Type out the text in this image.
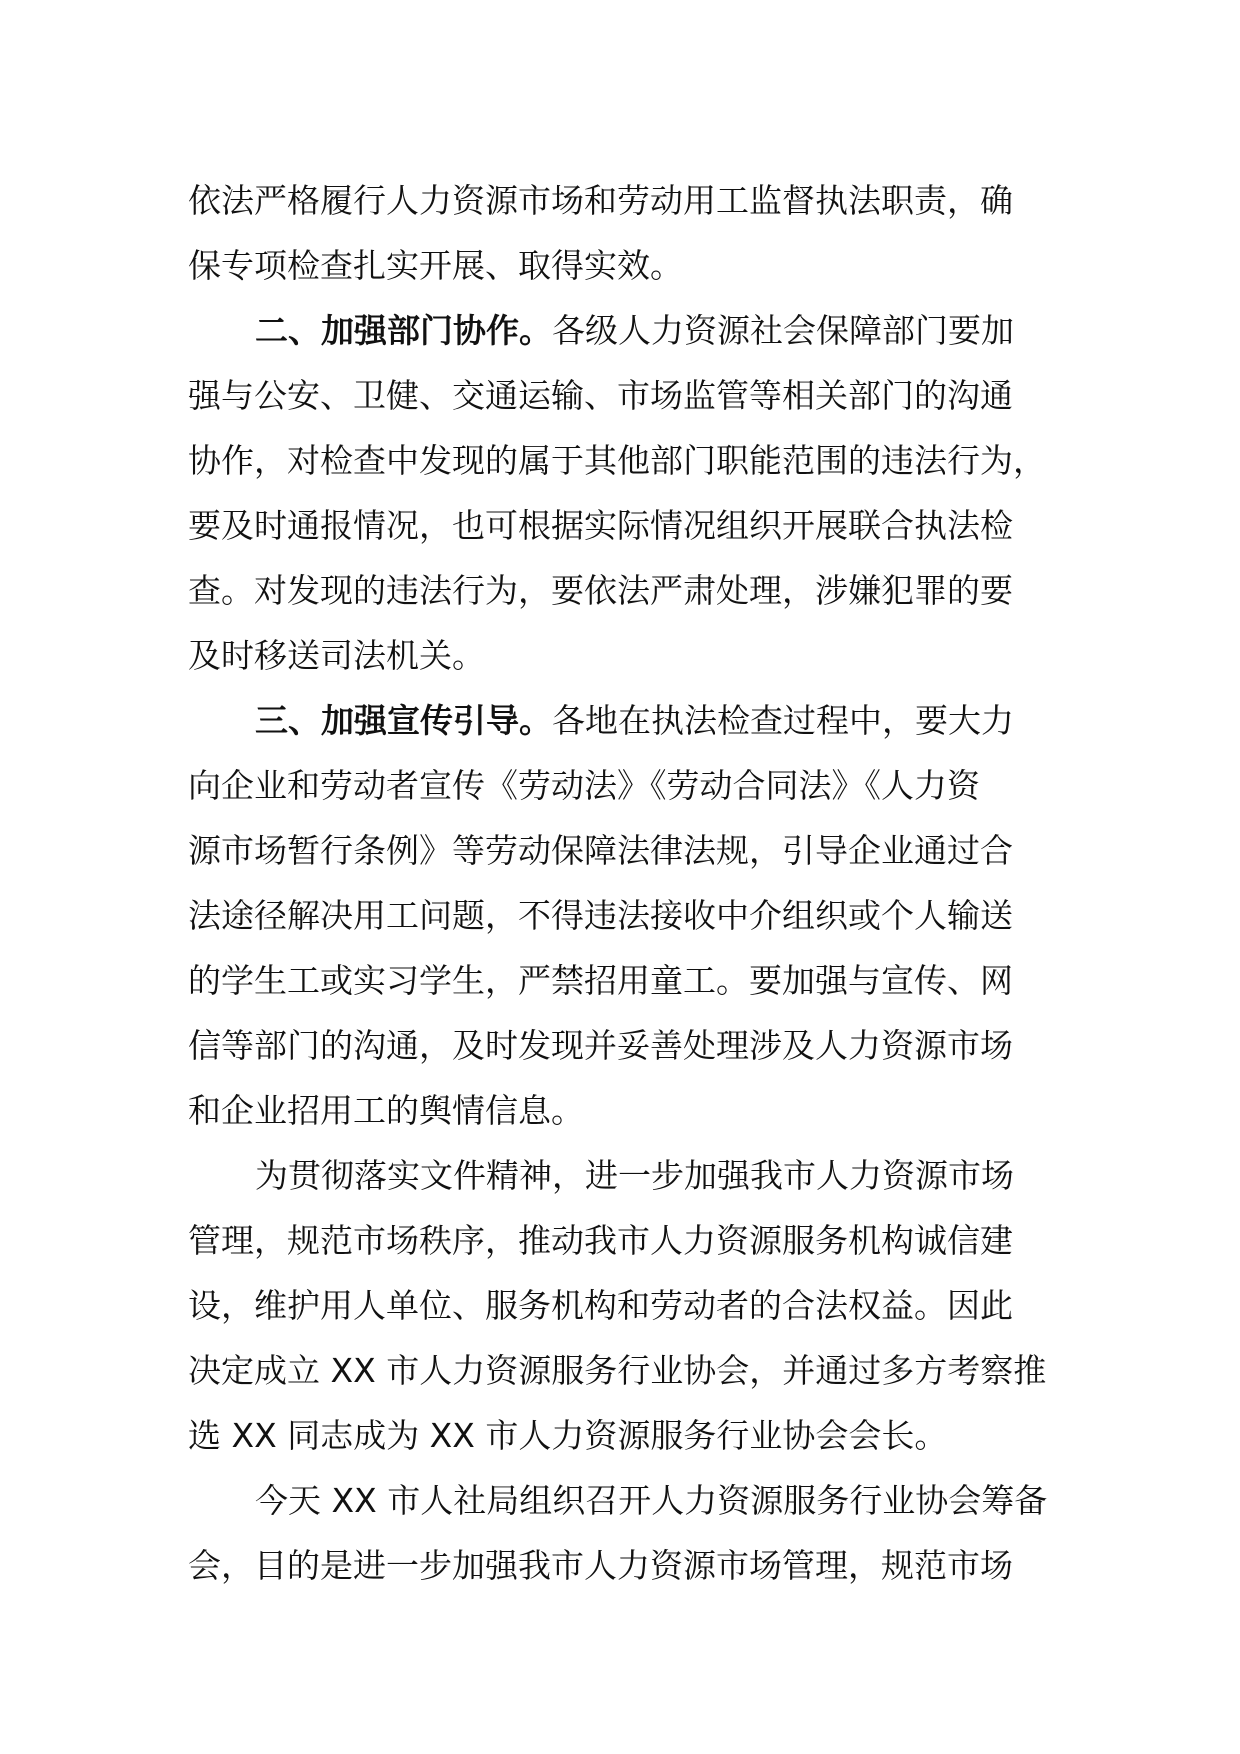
依法严格履行人力资源市场和劳动用工监督执法职责，确
保专项检查扎实开展、取得实效。
二、加强部门协作。各级人力资源社会保障部门要加
强与公安、卫健、交通运输、市场监管等相关部门的沟通
协作，对检查中发现的属于其他部门职能范围的违法行为，
要及时通报情况，也可根据实际情况组织开展联合执法检
查。对发现的违法行为，要依法严肃处理，涉嫌犯罪的要
及时移送司法机关。
三、加强宣传引导。各地在执法检查过程中，要大力
向企业和劳动者宣传《劳动法》《劳动合同法》《人力资
源市场暂行条例》等劳动保障法律法规，引导企业通过合
法途径解决用工问题，不得违法接收中介组织或个人输送
的学生工或实习学生，严禁招用童工。要加强与宣传、网
信等部门的沟通，及时发现并妥善处理涉及人力资源市场
和企业招用工的舆情信息。
为贯彻落实文件精神，进一步加强我市人力资源市场
管理，规范市场秩序，推动我市人力资源服务机构诚信建
设，维护用人单位、服务机构和劳动者的合法权益。因此
决定成立 XX 市人力资源服务行业协会，并通过多方考察推
选 XX 同志成为 XX 市人力资源服务行业协会会长。
今天 XX 市人社局组织召开人力资源服务行业协会筹备
会，目的是进一步加强我市人力资源市场管理，规范市场
